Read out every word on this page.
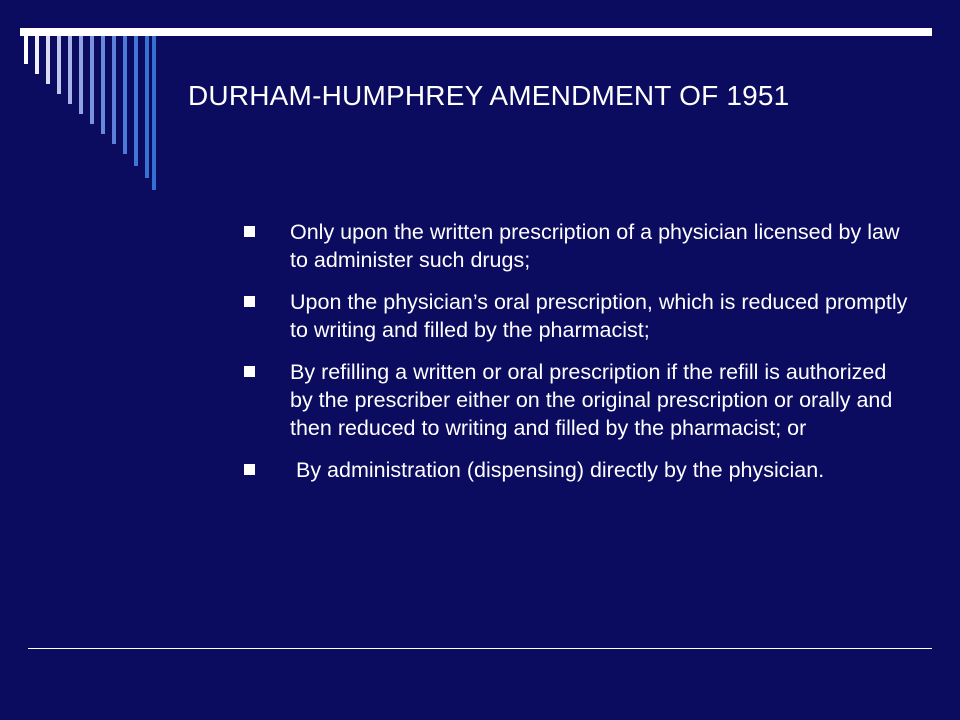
DURHAM-HUMPHREY AMENDMENT OF 1951
Only upon the written prescription of a physician licensed by law to administer such drugs;
Upon the physician’s oral prescription, which is reduced promptly to writing and filled by the pharmacist;
By refilling a written or oral prescription if the refill is authorized by the prescriber either on the original prescription or orally and then reduced to writing and filled by the pharmacist; or
By administration (dispensing) directly by the physician.
